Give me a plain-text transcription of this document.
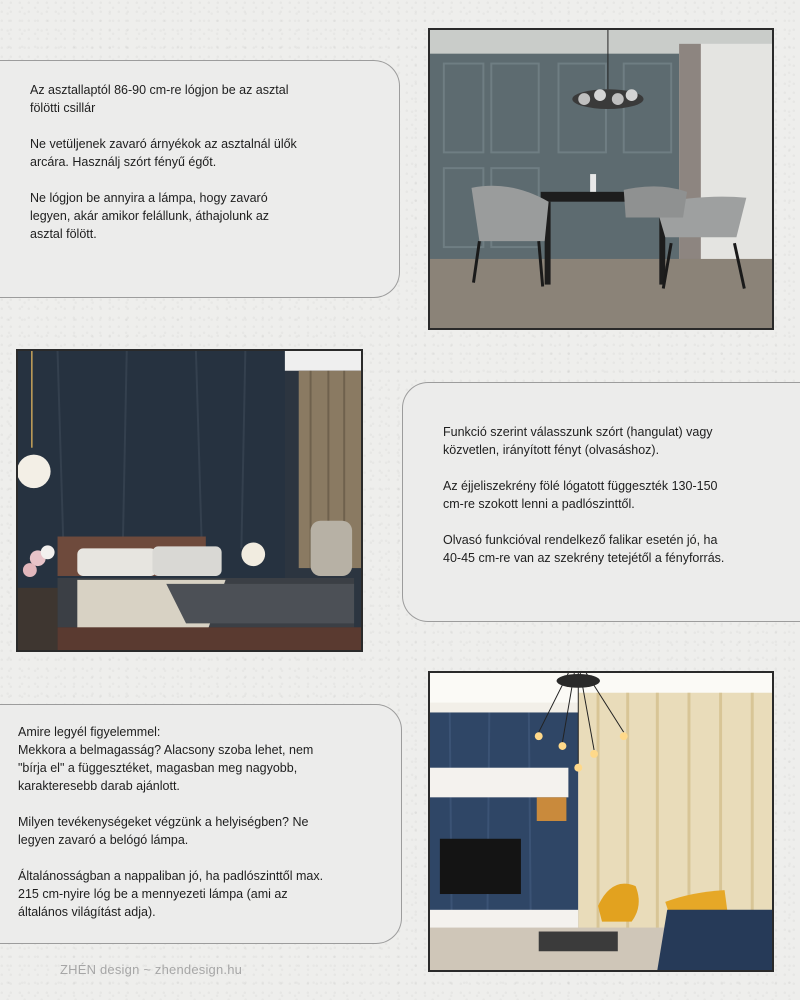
Az asztallaptól 86-90 cm-re lógjon be az asztal
fölötti csillár

Ne vetüljenek zavaró árnyékok az asztalnál ülők
arcára. Használj szórt fényű égőt.

Ne lógjon be annyira a lámpa, hogy zavaró
legyen, akár amikor felállunk, áthajolunk az
asztal fölött.

Funkció szerint válasszunk szórt (hangulat) vagy
közvetlen, irányított fényt (olvasáshoz).

Az éjjeliszekrény fölé lógatott függeszték 130-150
cm-re szokott lenni a padlószinttől.

Olvasó funkcióval rendelkező falikar esetén jó, ha
40-45 cm-re van az szekrény tetejétől a fényforrás.

Amire legyél figyelemmel:
Mekkora a belmagasság? Alacsony szoba lehet, nem
"bírja el" a függesztéket, magasban meg nagyobb,
karakteresebb darab ajánlott.

Milyen tevékenységeket végzünk a helyiségben? Ne
legyen zavaró a belógó lámpa.

Általánosságban a nappaliban jó, ha padlószinttől max.
215 cm-nyire lóg be a mennyezeti lámpa (ami az
általános világítást adja).

ZHÉN design ~ zhendesign.hu
